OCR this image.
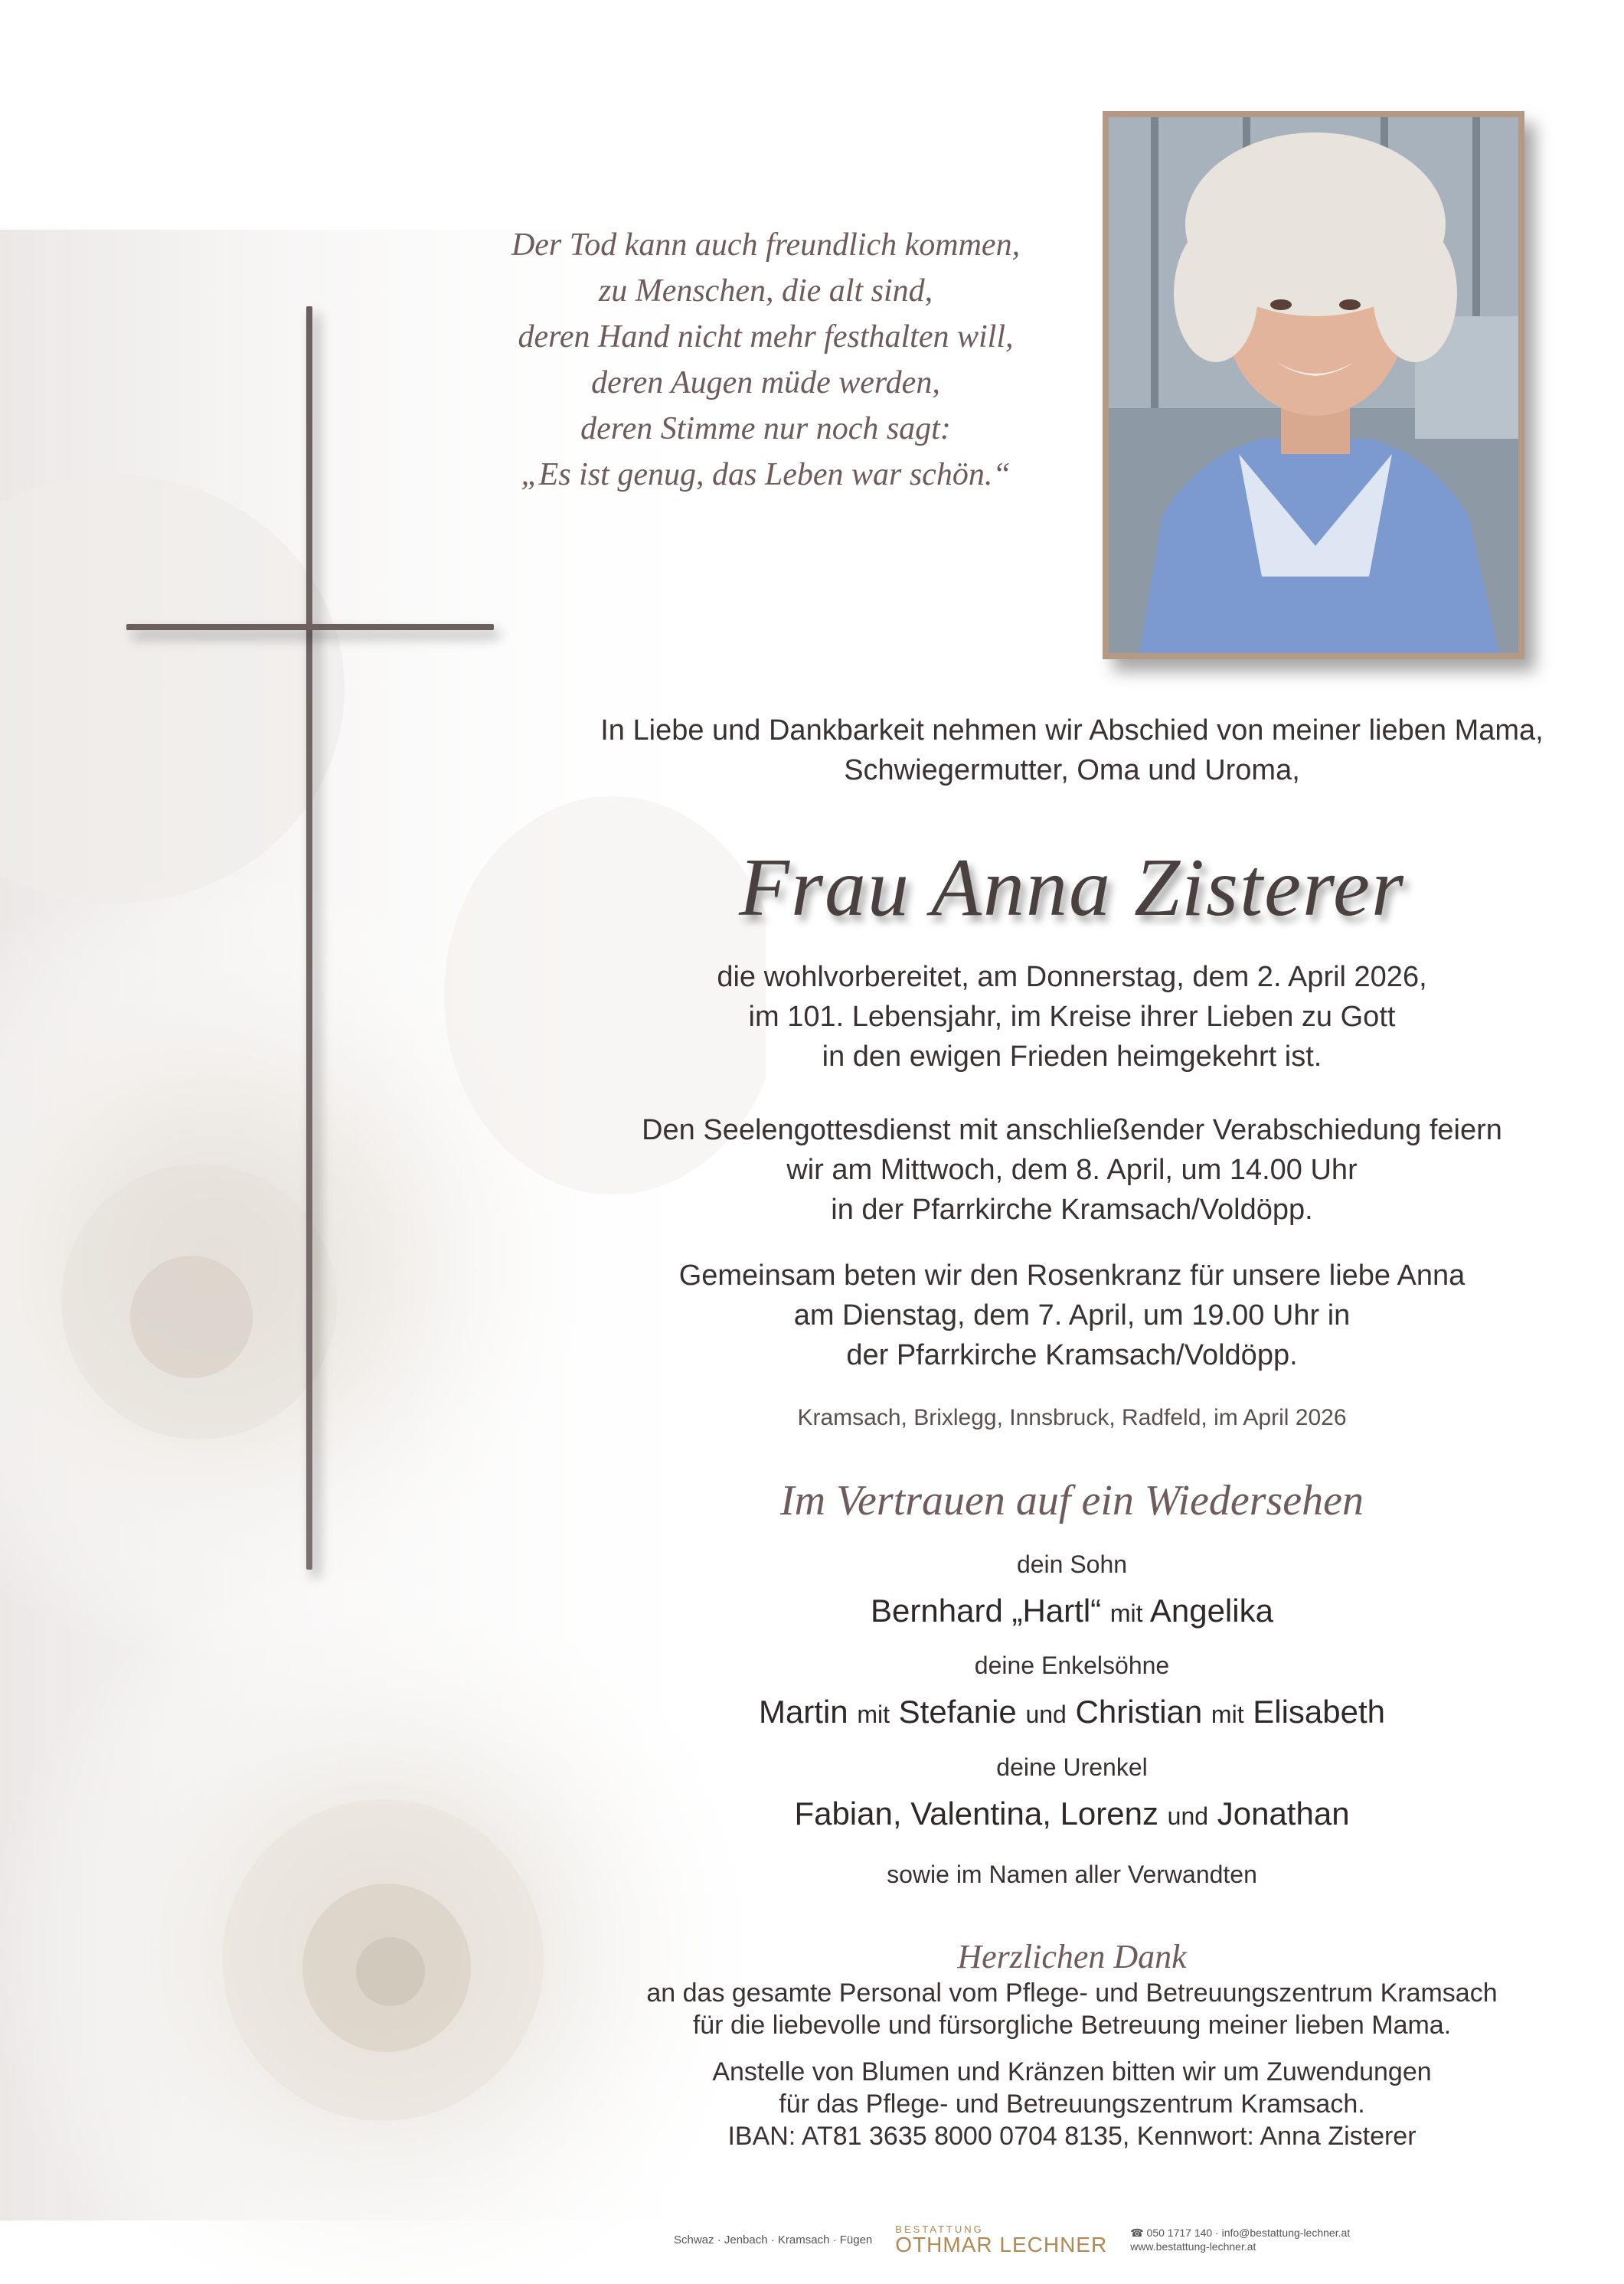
Der Tod kann auch freundlich kommen,
zu Menschen, die alt sind,
deren Hand nicht mehr festhalten will,
deren Augen müde werden,
deren Stimme nur noch sagt:
„Es ist genug, das Leben war schön.“
In Liebe und Dankbarkeit nehmen wir Abschied von meiner lieben Mama,
Schwiegermutter, Oma und Uroma,
Frau Anna Zisterer
die wohlvorbereitet, am Donnerstag, dem 2. April 2026,
im 101. Lebensjahr, im Kreise ihrer Lieben zu Gott
in den ewigen Frieden heimgekehrt ist.
Den Seelengottesdienst mit anschließender Verabschiedung feiern
wir am Mittwoch, dem 8. April, um 14.00 Uhr
in der Pfarrkirche Kramsach/Voldöpp.
Gemeinsam beten wir den Rosenkranz für unsere liebe Anna
am Dienstag, dem 7. April, um 19.00 Uhr in
der Pfarrkirche Kramsach/Voldöpp.
Kramsach, Brixlegg, Innsbruck, Radfeld, im April 2026
Im Vertrauen auf ein Wiedersehen
dein Sohn
Bernhard „Hartl“ mit Angelika
deine Enkelsöhne
Martin mit Stefanie und Christian mit Elisabeth
deine Urenkel
Fabian, Valentina, Lorenz und Jonathan
sowie im Namen aller Verwandten
Herzlichen Dank
an das gesamte Personal vom Pflege- und Betreuungszentrum Kramsach
für die liebevolle und fürsorgliche Betreuung meiner lieben Mama.
Anstelle von Blumen und Kränzen bitten wir um Zuwendungen
für das Pflege- und Betreuungszentrum Kramsach.
IBAN: AT81 3635 8000 0704 8135, Kennwort: Anna Zisterer
Schwaz · Jenbach · Kramsach · Fügen
BESTATTUNG
OTHMAR LECHNER ☎ 050 1717 140 · info@bestattung-lechner.at
www.bestattung-lechner.at
